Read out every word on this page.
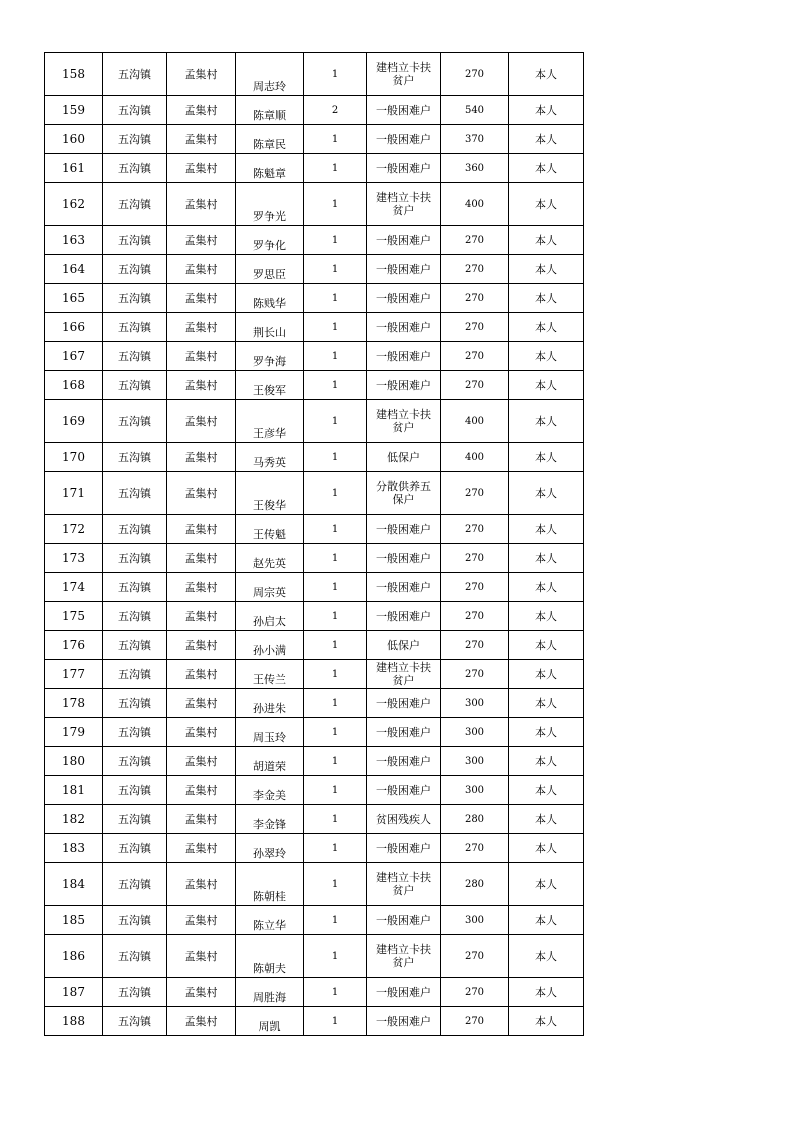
158	五沟镇	孟集村	周志玲	1	建档立卡扶贫户	270	本人
159	五沟镇	孟集村	陈章顺	2	一般困难户	540	本人
160	五沟镇	孟集村	陈章民	1	一般困难户	370	本人
161	五沟镇	孟集村	陈魁章	1	一般困难户	360	本人
162	五沟镇	孟集村	罗争光	1	建档立卡扶贫户	400	本人
163	五沟镇	孟集村	罗争化	1	一般困难户	270	本人
164	五沟镇	孟集村	罗思臣	1	一般困难户	270	本人
165	五沟镇	孟集村	陈贱华	1	一般困难户	270	本人
166	五沟镇	孟集村	荆长山	1	一般困难户	270	本人
167	五沟镇	孟集村	罗争海	1	一般困难户	270	本人
168	五沟镇	孟集村	王俊军	1	一般困难户	270	本人
169	五沟镇	孟集村	王彦华	1	建档立卡扶贫户	400	本人
170	五沟镇	孟集村	马秀英	1	低保户	400	本人
171	五沟镇	孟集村	王俊华	1	分散供养五保户	270	本人
172	五沟镇	孟集村	王传魁	1	一般困难户	270	本人
173	五沟镇	孟集村	赵先英	1	一般困难户	270	本人
174	五沟镇	孟集村	周宗英	1	一般困难户	270	本人
175	五沟镇	孟集村	孙启太	1	一般困难户	270	本人
176	五沟镇	孟集村	孙小满	1	低保户	270	本人
177	五沟镇	孟集村	王传兰	1	建档立卡扶贫户	270	本人
178	五沟镇	孟集村	孙进朱	1	一般困难户	300	本人
179	五沟镇	孟集村	周玉玲	1	一般困难户	300	本人
180	五沟镇	孟集村	胡道荣	1	一般困难户	300	本人
181	五沟镇	孟集村	李金美	1	一般困难户	300	本人
182	五沟镇	孟集村	李金锋	1	贫困残疾人	280	本人
183	五沟镇	孟集村	孙翠玲	1	一般困难户	270	本人
184	五沟镇	孟集村	陈朝桂	1	建档立卡扶贫户	280	本人
185	五沟镇	孟集村	陈立华	1	一般困难户	300	本人
186	五沟镇	孟集村	陈朝夫	1	建档立卡扶贫户	270	本人
187	五沟镇	孟集村	周胜海	1	一般困难户	270	本人
188	五沟镇	孟集村	周凯	1	一般困难户	270	本人
